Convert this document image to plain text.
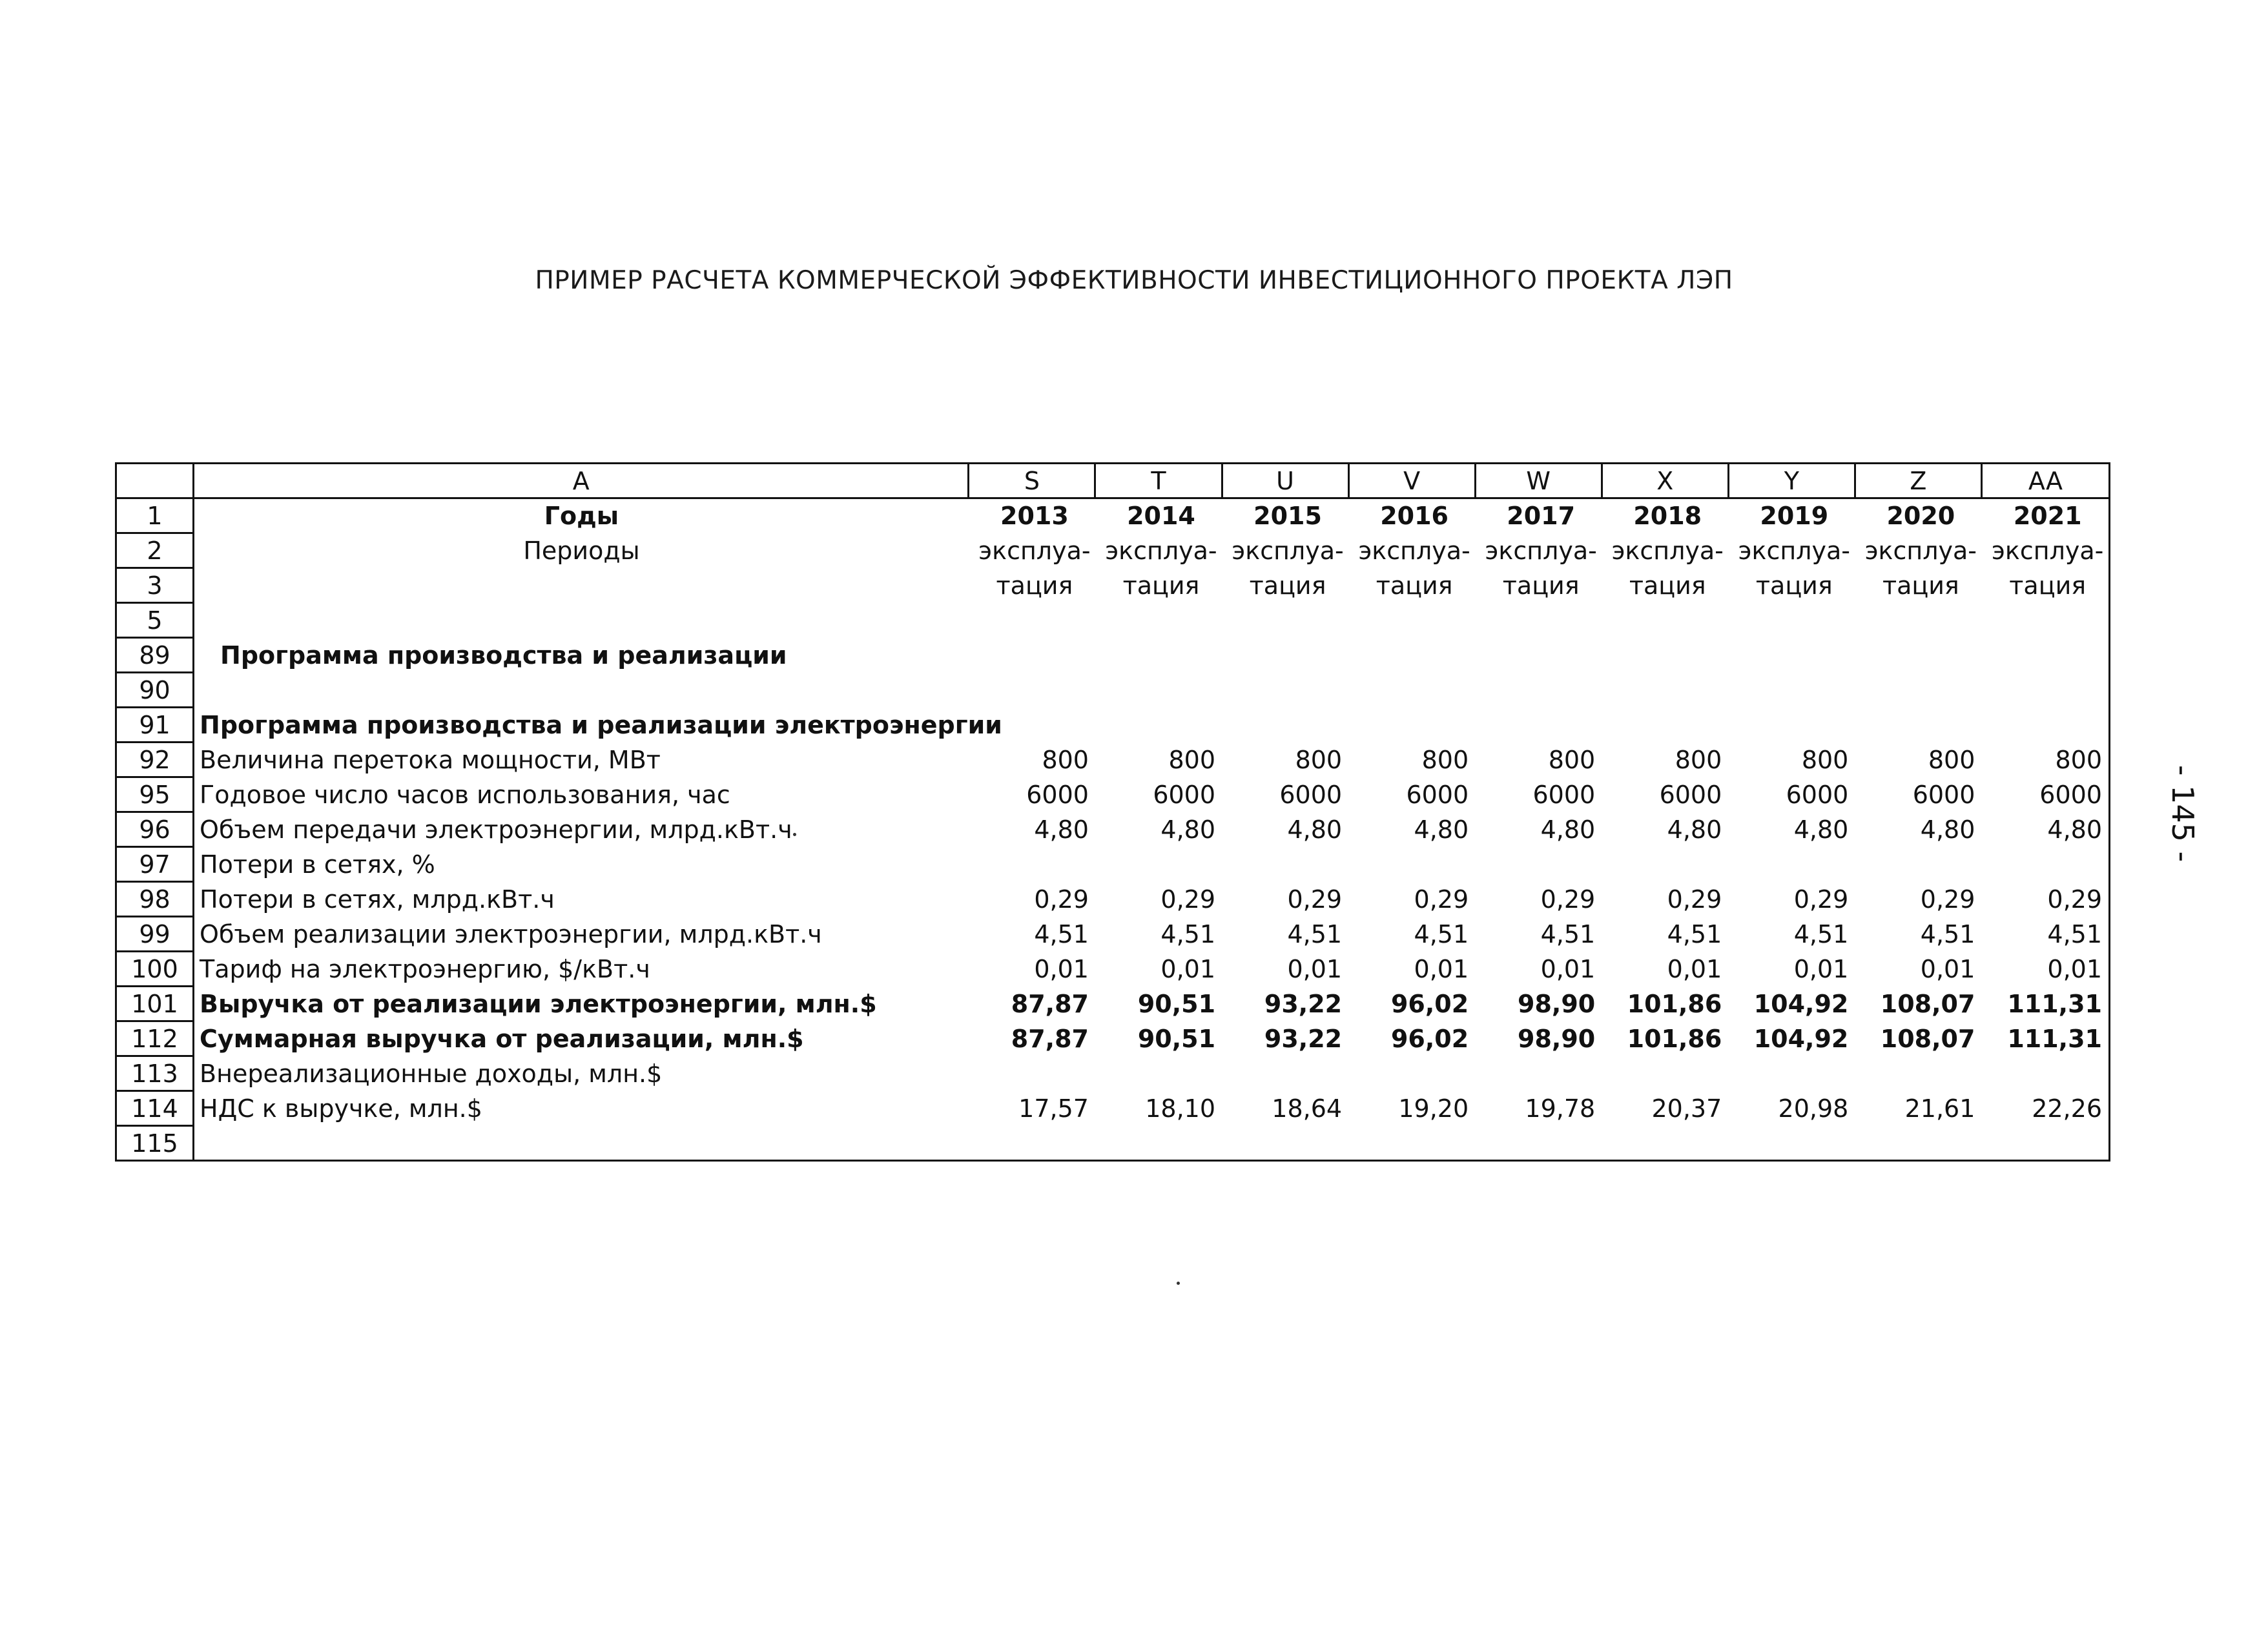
ПРИМЕР РАСЧЕТА КОММЕРЧЕСКОЙ ЭФФЕКТИВНОСТИ ИНВЕСТИЦИОННОГО ПРОЕКТА ЛЭП
- 145 -
	A	S	T	U	V	W	X	Y	Z	AA
1	Годы	2013	2014	2015	2016	2017	2018	2019	2020	2021
2	Периоды	эксплуа-	эксплуа-	эксплуа-	эксплуа-	эксплуа-	эксплуа-	эксплуа-	эксплуа-	эксплуа-
3		тация	тация	тация	тация	тация	тация	тация	тация	тация
5										
89	Программа производства и реализации									
90										
91	Программа производства и реализации электроэнергии									
92	Величина перетока мощности, МВт	800	800	800	800	800	800	800	800	800
95	Годовое число часов использования, час	6000	6000	6000	6000	6000	6000	6000	6000	6000
96	Объем передачи электроэнергии, млрд.кВт.ч	4,80	4,80	4,80	4,80	4,80	4,80	4,80	4,80	4,80
97	Потери в сетях, %									
98	Потери в сетях, млрд.кВт.ч	0,29	0,29	0,29	0,29	0,29	0,29	0,29	0,29	0,29
99	Объем реализации электроэнергии, млрд.кВт.ч	4,51	4,51	4,51	4,51	4,51	4,51	4,51	4,51	4,51
100	Тариф на электроэнергию, $/кВт.ч	0,01	0,01	0,01	0,01	0,01	0,01	0,01	0,01	0,01
101	Выручка от реализации электроэнергии, млн.$	87,87	90,51	93,22	96,02	98,90	101,86	104,92	108,07	111,31
112	Суммарная выручка от реализации, млн.$	87,87	90,51	93,22	96,02	98,90	101,86	104,92	108,07	111,31
113	Внереализационные доходы, млн.$									
114	НДС к выручке, млн.$	17,57	18,10	18,64	19,20	19,78	20,37	20,98	21,61	22,26
115										
